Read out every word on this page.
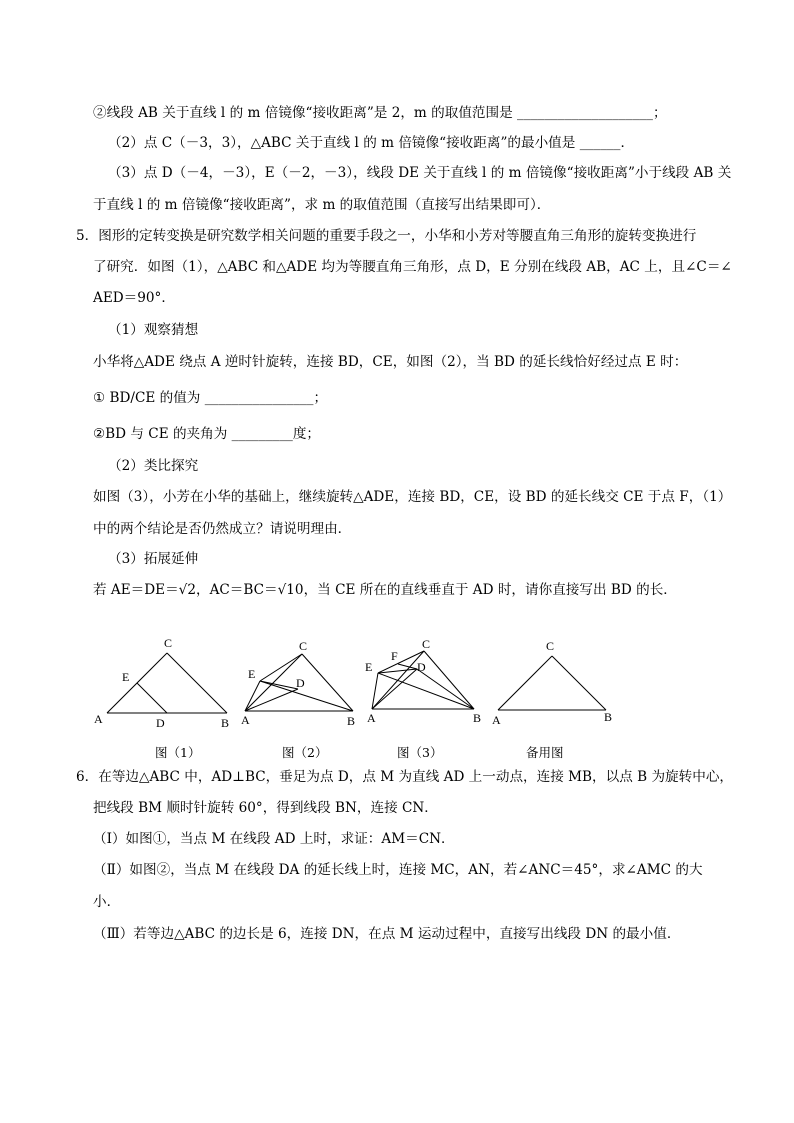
②线段 AB 关于直线 l 的 m 倍镜像“接收距离”是 2，m 的取值范围是 ____________________；
（2）点 C（－3，3），△ABC 关于直线 l 的 m 倍镜像“接收距离”的最小值是 ______．
（3）点 D（－4，－3），E（－2，－3），线段 DE 关于直线 l 的 m 倍镜像“接收距离”小于线段 AB 关
于直线 l 的 m 倍镜像“接收距离”，求 m 的取值范围（直接写出结果即可）．
5．图形的定转变换是研究数学相关问题的重要手段之一，小华和小芳对等腰直角三角形的旋转变换进行
了研究．如图（1），△ABC 和△ADE 均为等腰直角三角形，点 D，E 分别在线段 AB，AC 上，且∠C＝∠
AED＝90°．
（1）观察猜想
小华将△ADE 绕点 A 逆时针旋转，连接 BD，CE，如图（2），当 BD 的延长线恰好经过点 E 时：
① BD/CE 的值为 ________________；
②BD 与 CE 的夹角为 _________度；
（2）类比探究
如图（3），小芳在小华的基础上，继续旋转△ADE，连接 BD，CE，设 BD 的延长线交 CE 于点 F，（1）
中的两个结论是否仍然成立？请说明理由．
（3）拓展延伸
若 AE＝DE＝√2，AC＝BC＝√10，当 CE 所在的直线垂直于 AD 时，请你直接写出 BD 的长．
C
E
A	D	B
C
E
D
A	B
C
F
E	D
A	B
C
A	B
图（1）	图（2）	图（3）	备用图
6．在等边△ABC 中，AD⊥BC，垂足为点 D，点 M 为直线 AD 上一动点，连接 MB，以点 B 为旋转中心，
把线段 BM 顺时针旋转 60°，得到线段 BN，连接 CN．
（Ⅰ）如图①，当点 M 在线段 AD 上时，求证：AM＝CN．
（Ⅱ）如图②，当点 M 在线段 DA 的延长线上时，连接 MC，AN，若∠ANC＝45°，求∠AMC 的大
小．
（Ⅲ）若等边△ABC 的边长是 6，连接 DN，在点 M 运动过程中，直接写出线段 DN 的最小值．
